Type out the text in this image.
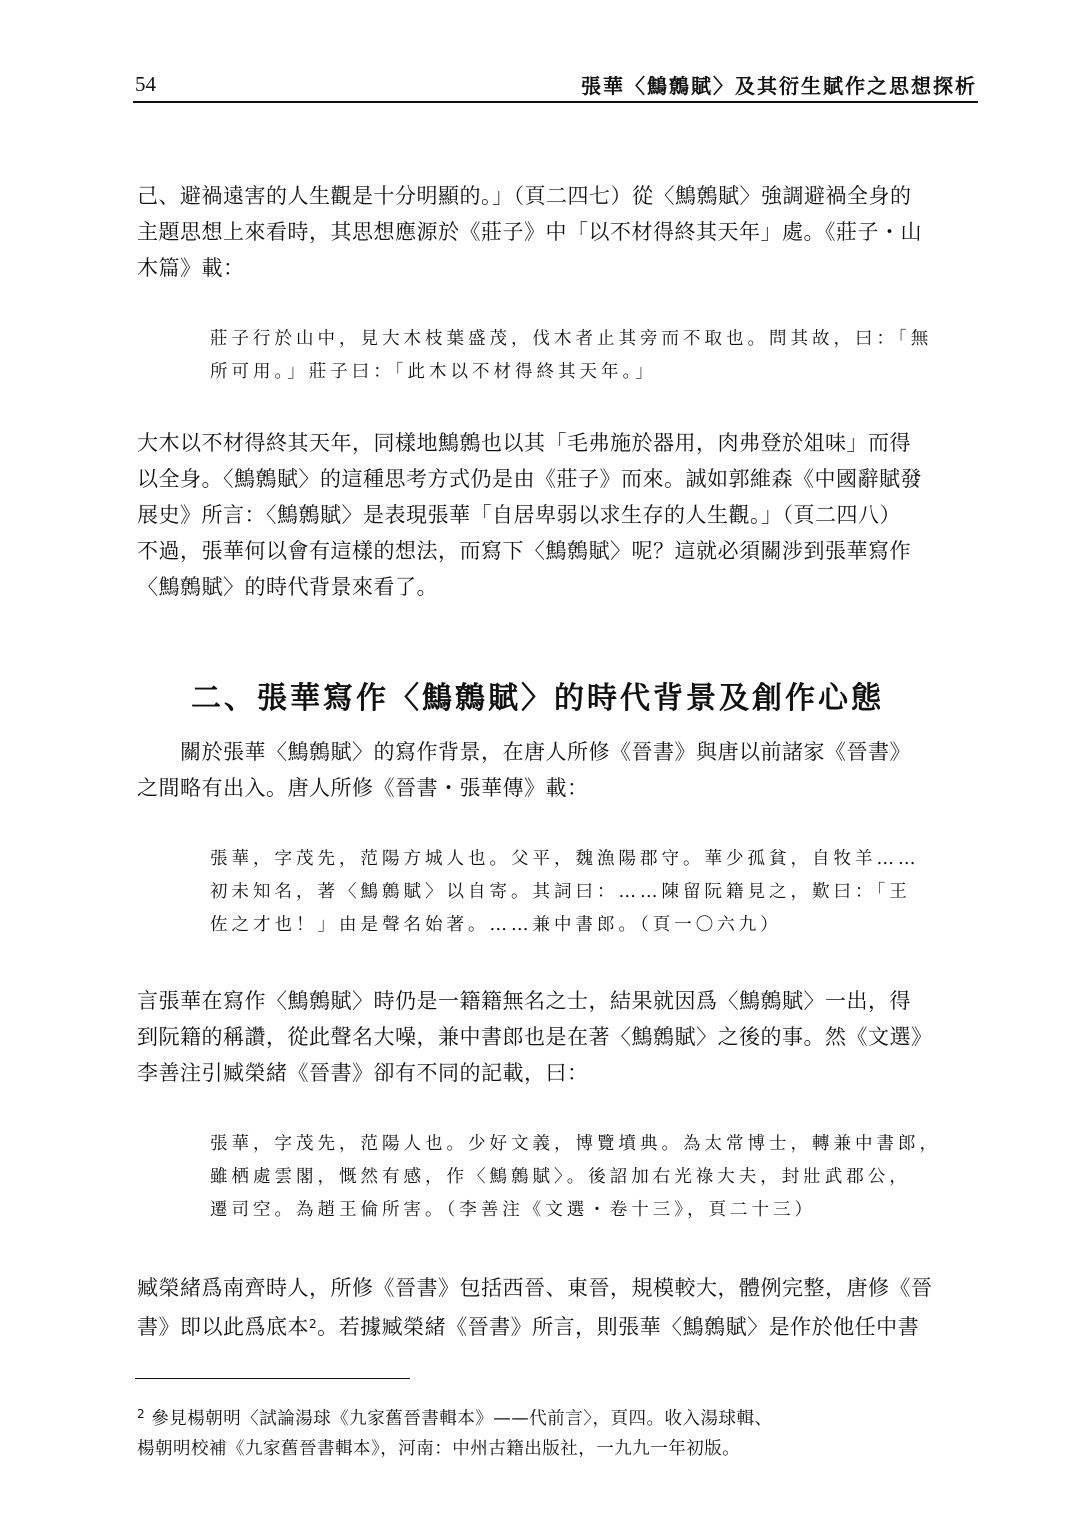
54	張華〈鷦鷯賦〉及其衍生賦作之思想探析
己、避禍遠害的人生觀是十分明顯的。」（頁二四七）從〈鷦鷯賦〉強調避禍全身的
主題思想上來看時，其思想應源於《莊子》中「以不材得終其天年」處。《莊子・山
木篇》載：
莊子行於山中，見大木枝葉盛茂，伐木者止其旁而不取也。問其故，曰：「無
所可用。」莊子曰：「此木以不材得終其天年。」
大木以不材得終其天年，同樣地鷦鷯也以其「毛弗施於器用，肉弗登於俎味」而得
以全身。〈鷦鷯賦〉的這種思考方式仍是由《莊子》而來。誠如郭維森《中國辭賦發
展史》所言：〈鷦鷯賦〉是表現張華「自居卑弱以求生存的人生觀。」（頁二四八）
不過，張華何以會有這樣的想法，而寫下〈鷦鷯賦〉呢？這就必須關涉到張華寫作
〈鷦鷯賦〉的時代背景來看了。
二、張華寫作〈鷦鷯賦〉的時代背景及創作心態
　　關於張華〈鷦鷯賦〉的寫作背景，在唐人所修《晉書》與唐以前諸家《晉書》
之間略有出入。唐人所修《晉書・張華傳》載：
張華，字茂先，范陽方城人也。父平，魏漁陽郡守。華少孤貧，自牧羊……
初未知名，著〈鷦鷯賦〉以自寄。其詞曰：……陳留阮籍見之，歎曰：「王
佐之才也！」由是聲名始著。……兼中書郎。（頁一〇六九）
言張華在寫作〈鷦鷯賦〉時仍是一籍籍無名之士，結果就因爲〈鷦鷯賦〉一出，得
到阮籍的稱讚，從此聲名大噪，兼中書郎也是在著〈鷦鷯賦〉之後的事。然《文選》
李善注引臧榮緒《晉書》卻有不同的記載，曰：
張華，字茂先，范陽人也。少好文義，博覽墳典。為太常博士，轉兼中書郎，
雖栖處雲閣，慨然有感，作〈鷦鷯賦〉。後詔加右光祿大夫，封壯武郡公，
遷司空。為趙王倫所害。（李善注《文選・卷十三》，頁二十三）
臧榮緒爲南齊時人，所修《晉書》包括西晉、東晉，規模較大，體例完整，唐修《晉
書》即以此爲底本$^2$。若據臧榮緒《晉書》所言，則張華〈鷦鷯賦〉是作於他任中書
$^2$ 參見楊朝明〈試論湯球《九家舊晉書輯本》——代前言〉，頁四。收入湯球輯、
楊朝明校補《九家舊晉書輯本》，河南：中州古籍出版社，一九九一年初版。
